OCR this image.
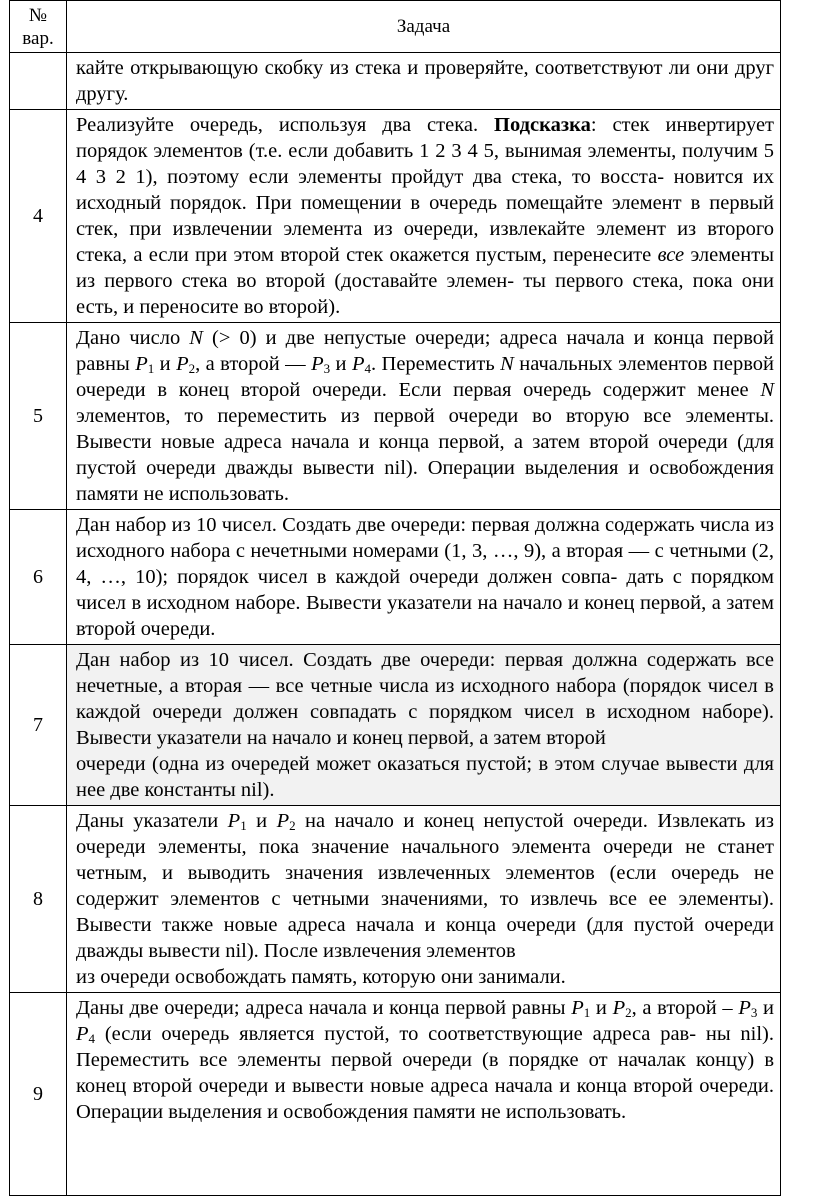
№
вар.	Задача

	кайте открывающую скобку из стека и проверяйте, соответствуют ли они друг другу.

4	Реализуйте очередь, используя два стека. Подсказка: стек инвертирует порядок элементов (т.е. если добавить 1 2 3 4 5, вынимая элементы, получим 5 4 3 2 1), поэтому если элементы пройдут два стека, то восста- новится их исходный порядок. При помещении в очередь помещайте элемент в первый стек, при извлечении элемента из очереди, извлекайте элемент из второго стека, а если при этом второй стек окажется пустым, перенесите все элементы из первого стека во второй (доставайте элемен- ты первого стека, пока они есть, и переносите во второй).

5	Дано число N (> 0) и две непустые очереди; адреса начала и конца первой равны $P_1$ и $P_2$, а второй — $P_3$ и $P_4$. Переместить N начальных элементов первой очереди в конец второй очереди. Если первая очередь содержит менее N элементов, то переместить из первой очереди во вторую все элементы. Вывести новые адреса начала и конца первой, а затем второй очереди (для пустой очереди дважды вывести nil). Операции выделения и освобождения памяти не использовать.

6	Дан набор из 10 чисел. Создать две очереди: первая должна содержать числа из исходного набора с нечетными номерами (1, 3, …, 9), а вторая — с четными (2, 4, …, 10); порядок чисел в каждой очереди должен совпа- дать с порядком чисел в исходном наборе. Вывести указатели на начало и конец первой, а затем второй очереди.

7	Дан набор из 10 чисел. Создать две очереди: первая должна содержать все нечетные, а вторая — все четные числа из исходного набора (порядок чисел в каждой очереди должен совпадать с порядком чисел в исходном наборе). Вывести указатели на начало и конец первой, а затем второй

очереди (одна из очередей может оказаться пустой; в этом случае вывести для нее две константы nil).

8	Даны указатели $P_1$ и $P_2$ на начало и конец непустой очереди. Извлекать из очереди элементы, пока значение начального элемента очереди не станет четным, и выводить значения извлеченных элементов (если очередь не содержит элементов с четными значениями, то извлечь все ее элементы). Вывести также новые адреса начала и конца очереди (для пустой очереди дважды вывести nil). После извлечения элементов

из очереди освобождать память, которую они занимали.

9	Даны две очереди; адреса начала и конца первой равны $P_1$ и $P_2$, а второй – $P_3$ и $P_4$ (если очередь является пустой, то соответствующие адреса рав- ны nil). Переместить все элементы первой очереди (в порядке от началак концу) в конец второй очереди и вывести новые адреса начала и конца второй очереди. Операции выделения и освобождения памяти не использовать.
